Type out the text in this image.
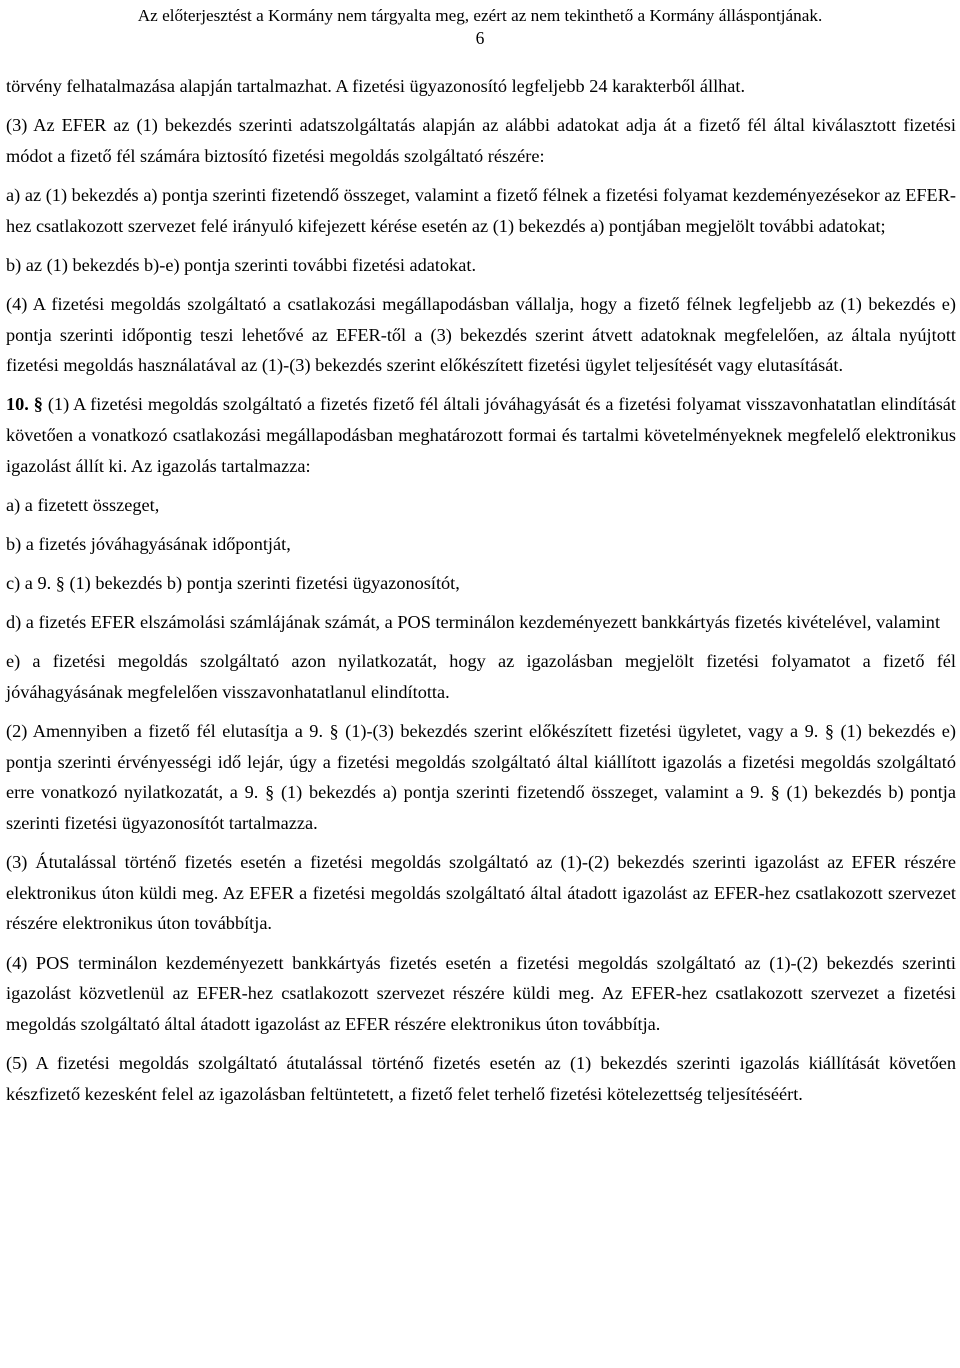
Az előterjesztést a Kormány nem tárgyalta meg, ezért az nem tekinthető a Kormány álláspontjának.
6

törvény felhatalmazása alapján tartalmazhat. A fizetési ügyazonosító legfeljebb 24 karakterből állhat.

(3) Az EFER az (1) bekezdés szerinti adatszolgáltatás alapján az alábbi adatokat adja át a fizető fél által kiválasztott fizetési módot a fizető fél számára biztosító fizetési megoldás szolgáltató részére:

a) az (1) bekezdés a) pontja szerinti fizetendő összeget, valamint a fizető félnek a fizetési folyamat kezdeményezésekor az EFER-hez csatlakozott szervezet felé irányuló kifejezett kérése esetén az (1) bekezdés a) pontjában megjelölt további adatokat;

b) az (1) bekezdés b)-e) pontja szerinti további fizetési adatokat.

(4) A fizetési megoldás szolgáltató a csatlakozási megállapodásban vállalja, hogy a fizető félnek legfeljebb az (1) bekezdés e) pontja szerinti időpontig teszi lehetővé az EFER-től a (3) bekezdés szerint átvett adatoknak megfelelően, az általa nyújtott fizetési megoldás használatával az (1)-(3) bekezdés szerint előkészített fizetési ügylet teljesítését vagy elutasítását.

10. § (1) A fizetési megoldás szolgáltató a fizetés fizető fél általi jóváhagyását és a fizetési folyamat visszavonhatatlan elindítását követően a vonatkozó csatlakozási megállapodásban meghatározott formai és tartalmi követelményeknek megfelelő elektronikus igazolást állít ki. Az igazolás tartalmazza:

a) a fizetett összeget,

b) a fizetés jóváhagyásának időpontját,

c) a 9. § (1) bekezdés b) pontja szerinti fizetési ügyazonosítót,

d) a fizetés EFER elszámolási számlájának számát, a POS terminálon kezdeményezett bankkártyás fizetés kivételével, valamint

e) a fizetési megoldás szolgáltató azon nyilatkozatát, hogy az igazolásban megjelölt fizetési folyamatot a fizető fél jóváhagyásának megfelelően visszavonhatatlanul elindította.

(2) Amennyiben a fizető fél elutasítja a 9. § (1)-(3) bekezdés szerint előkészített fizetési ügyletet, vagy a 9. § (1) bekezdés e) pontja szerinti érvényességi idő lejár, úgy a fizetési megoldás szolgáltató által kiállított igazolás a fizetési megoldás szolgáltató erre vonatkozó nyilatkozatát, a 9. § (1) bekezdés a) pontja szerinti fizetendő összeget, valamint a 9. § (1) bekezdés b) pontja szerinti fizetési ügyazonosítót tartalmazza.

(3) Átutalással történő fizetés esetén a fizetési megoldás szolgáltató az (1)-(2) bekezdés szerinti igazolást az EFER részére elektronikus úton küldi meg. Az EFER a fizetési megoldás szolgáltató által átadott igazolást az EFER-hez csatlakozott szervezet részére elektronikus úton továbbítja.

(4) POS terminálon kezdeményezett bankkártyás fizetés esetén a fizetési megoldás szolgáltató az (1)-(2) bekezdés szerinti igazolást közvetlenül az EFER-hez csatlakozott szervezet részére küldi meg. Az EFER-hez csatlakozott szervezet a fizetési megoldás szolgáltató által átadott igazolást az EFER részére elektronikus úton továbbítja.

(5) A fizetési megoldás szolgáltató átutalással történő fizetés esetén az (1) bekezdés szerinti igazolás kiállítását követően készfizető kezesként felel az igazolásban feltüntetett, a fizető felet terhelő fizetési kötelezettség teljesítéséért.
